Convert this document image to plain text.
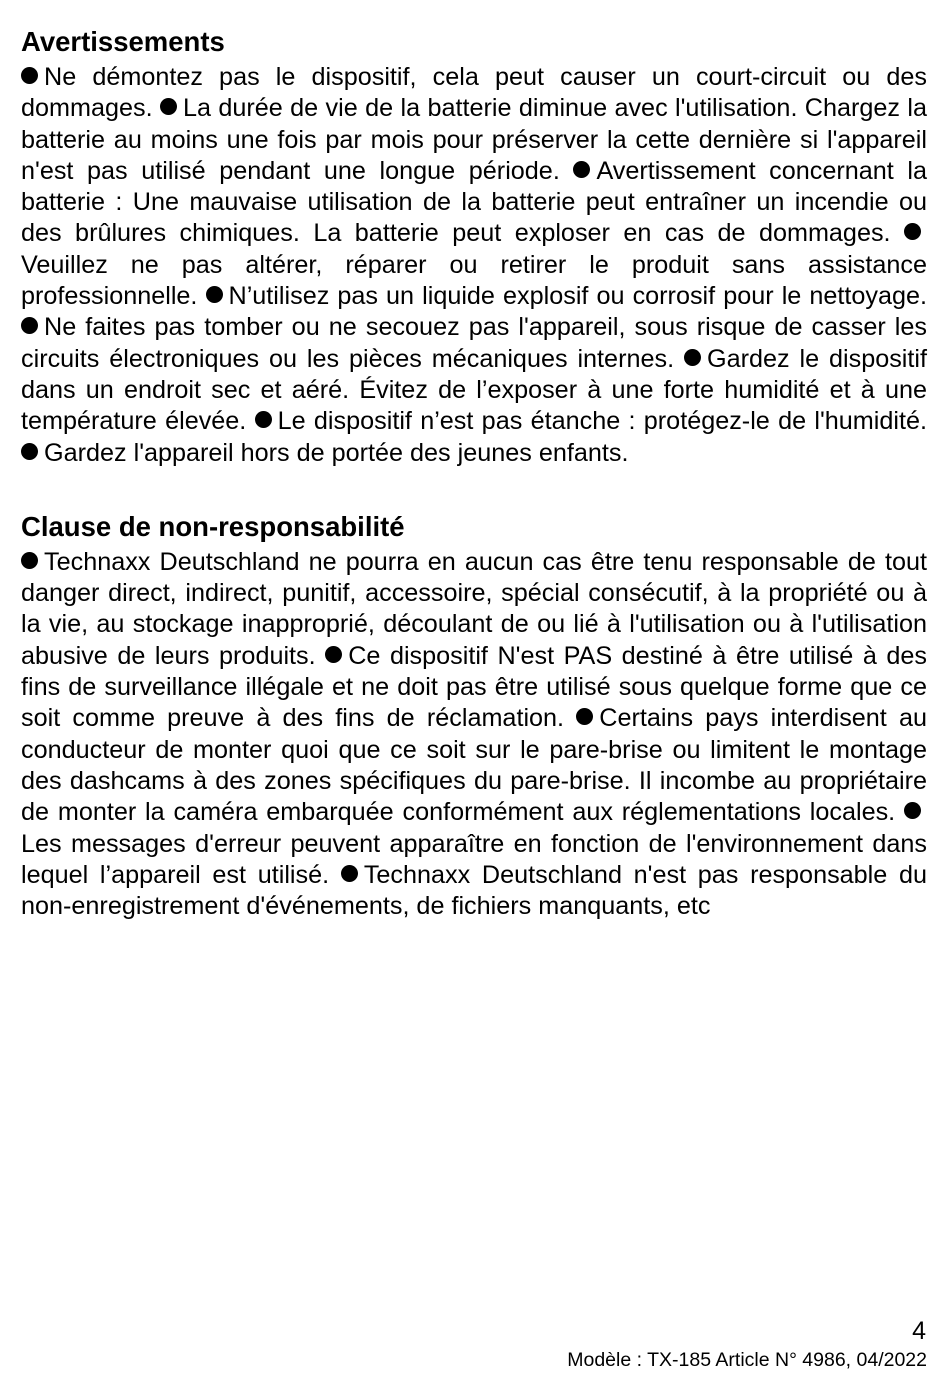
Avertissements

Ne démontez pas le dispositif, cela peut causer un court-circuit ou des dommages. La durée de vie de la batterie diminue avec l'utilisation. Chargez la batterie au moins une fois par mois pour préserver la cette dernière si l'appareil n'est pas utilisé pendant une longue période. Avertissement concernant la batterie : Une mauvaise utilisation de la batterie peut entraîner un incendie ou des brûlures chimiques. La batterie peut exploser en cas de dommages. Veuillez ne pas altérer, réparer ou retirer le produit sans assistance professionnelle. N’utilisez pas un liquide explosif ou corrosif pour le nettoyage. Ne faites pas tomber ou ne secouez pas l'appareil, sous risque de casser les circuits électroniques ou les pièces mécaniques internes. Gardez le dispositif dans un endroit sec et aéré. Évitez de l’exposer à une forte humidité et à une température élevée. Le dispositif n’est pas étanche : protégez-le de l'humidité. Gardez l'appareil hors de portée des jeunes enfants.

Clause de non-responsabilité

Technaxx Deutschland ne pourra en aucun cas être tenu responsable de tout danger direct, indirect, punitif, accessoire, spécial consécutif, à la propriété ou à la vie, au stockage inapproprié, découlant de ou lié à l'utilisation ou à l'utilisation abusive de leurs produits. Ce dispositif N'est PAS destiné à être utilisé à des fins de surveillance illégale et ne doit pas être utilisé sous quelque forme que ce soit comme preuve à des fins de réclamation. Certains pays interdisent au conducteur de monter quoi que ce soit sur le pare-brise ou limitent le montage des dashcams à des zones spécifiques du pare-brise. Il incombe au propriétaire de monter la caméra embarquée conformément aux réglementations locales. Les messages d'erreur peuvent apparaître en fonction de l'environnement dans lequel l’appareil est utilisé. Technaxx Deutschland n'est pas responsable du non-enregistrement d'événements, de fichiers manquants, etc

4
Modèle : TX-185 Article N° 4986, 04/2022
